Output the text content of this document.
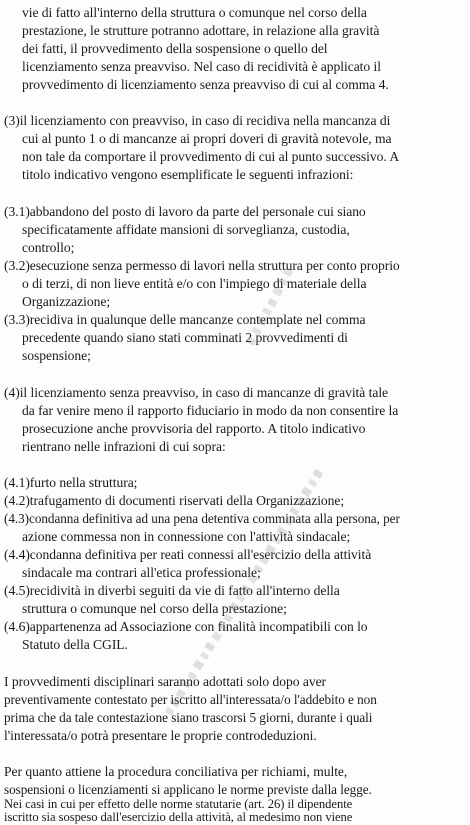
vie di fatto all'interno della struttura o comunque nel corso della
prestazione, le strutture potranno adottare, in relazione alla gravità
dei fatti, il provvedimento della sospensione o quello del
licenziamento senza preavviso. Nel caso di recidività è applicato il
provvedimento di licenziamento senza preavviso di cui al comma 4.
(3)il licenziamento con preavviso, in caso di recidiva nella mancanza di
cui al punto 1 o di mancanze ai propri doveri di gravità notevole, ma
non tale da comportare il provvedimento di cui al punto successivo. A
titolo indicativo vengono esemplificate le seguenti infrazioni:
(3.1)abbandono del posto di lavoro da parte del personale cui siano
specificatamente affidate mansioni di sorveglianza, custodia,
controllo;
(3.2)esecuzione senza permesso di lavori nella struttura per conto proprio
o di terzi, di non lieve entità e/o con l'impiego di materiale della
Organizzazione;
(3.3)recidiva in qualunque delle mancanze contemplate nel comma
precedente quando siano stati comminati 2 provvedimenti di
sospensione;
(4)il licenziamento senza preavviso, in caso di mancanze di gravità tale
da far venire meno il rapporto fiduciario in modo da non consentire la
prosecuzione anche provvisoria del rapporto. A titolo indicativo
rientrano nelle infrazioni di cui sopra:
(4.1)furto nella struttura;
(4.2)trafugamento di documenti riservati della Organizzazione;
(4.3)condanna definitiva ad una pena detentiva comminata alla persona, per
azione commessa non in connessione con l'attività sindacale;
(4.4)condanna definitiva per reati connessi all'esercizio della attività
sindacale ma contrari all'etica professionale;
(4.5)recidività in diverbi seguiti da vie di fatto all'interno della
struttura o comunque nel corso della prestazione;
(4.6)appartenenza ad Associazione con finalità incompatibili con lo
Statuto della CGIL.
I provvedimenti disciplinari saranno adottati solo dopo aver
preventivamente contestato per iscritto all'interessata/o l'addebito e non
prima che da tale contestazione siano trascorsi 5 giorni, durante i quali
l'interessata/o potrà presentare le proprie controdeduzioni.
Per quanto attiene la procedura conciliativa per richiami, multe,
sospensioni o licenziamenti si applicano le norme previste dalla legge.
Nei casi in cui per effetto delle norme statutarie (art. 26) il dipendente
iscritto sia sospeso dall'esercizio della attività, al medesimo non viene
